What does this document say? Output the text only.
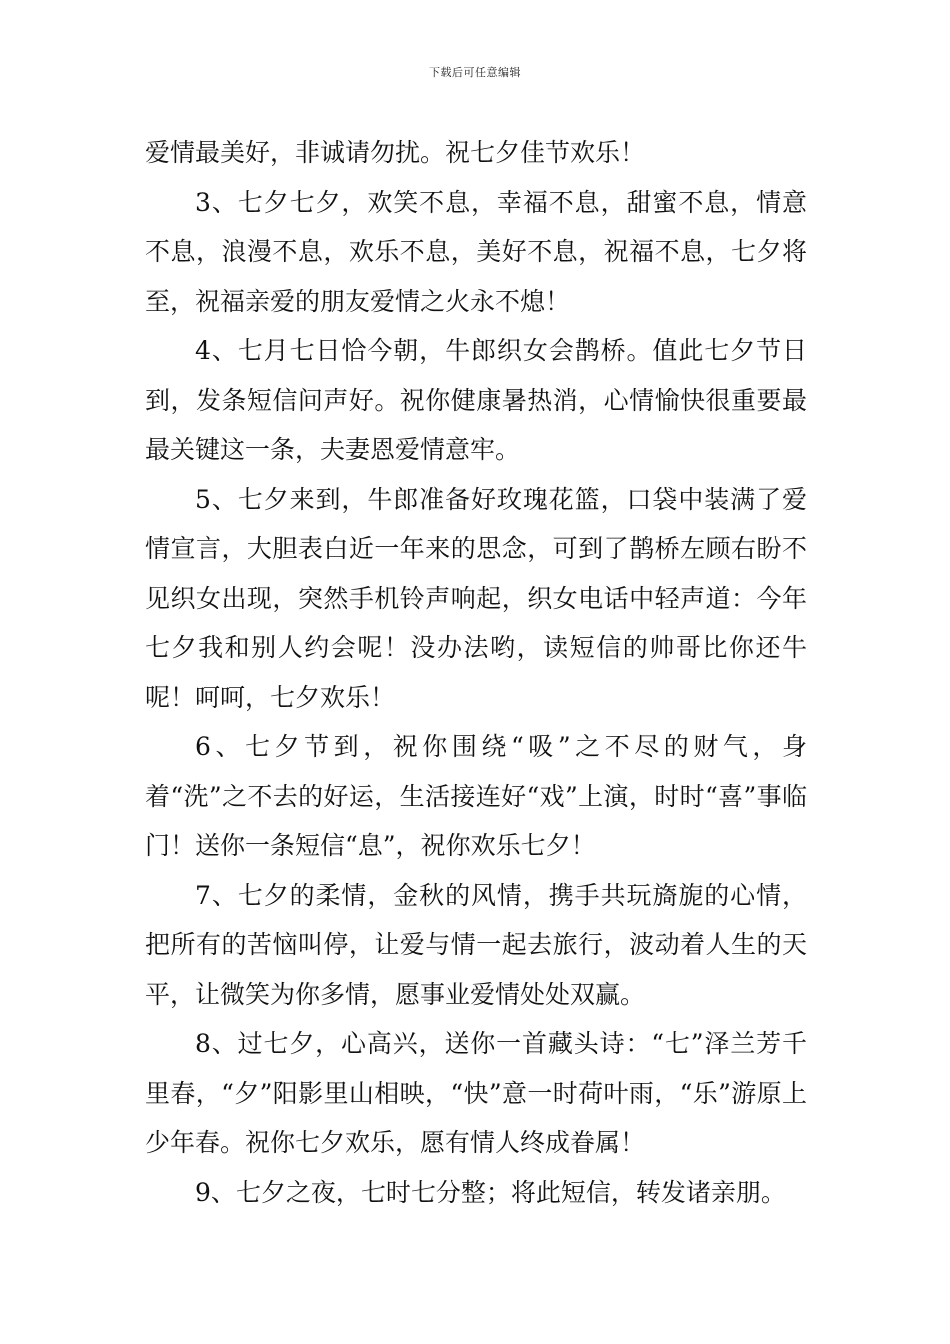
下载后可任意编辑

爱情最美好，非诚请勿扰。祝七夕佳节欢乐！

3、七夕七夕，欢笑不息，幸福不息，甜蜜不息，情意不息，浪漫不息，欢乐不息，美好不息，祝福不息，七夕将至，祝福亲爱的朋友爱情之火永不熄！

4、七月七日恰今朝，牛郎织女会鹊桥。值此七夕节日到，发条短信问声好。祝你健康暑热消，心情愉快很重要最最关键这一条，夫妻恩爱情意牢。

5、七夕来到，牛郎准备好玫瑰花篮，口袋中装满了爱情宣言，大胆表白近一年来的思念，可到了鹊桥左顾右盼不见织女出现，突然手机铃声响起，织女电话中轻声道：今年七夕我和别人约会呢！没办法哟，读短信的帅哥比你还牛呢！呵呵，七夕欢乐！

6、七夕节到，祝你围绕“吸”之不尽的财气，身着“洗”之不去的好运，生活接连好“戏”上演，时时“喜”事临门！送你一条短信“息”，祝你欢乐七夕！

7、七夕的柔情，金秋的风情，携手共玩旖旎的心情，把所有的苦恼叫停，让爱与情一起去旅行，波动着人生的天平，让微笑为你多情，愿事业爱情处处双赢。

8、过七夕，心高兴，送你一首藏头诗：“七”泽兰芳千里春，“夕”阳影里山相映，“快”意一时荷叶雨，“乐”游原上少年春。祝你七夕欢乐，愿有情人终成眷属！

9、七夕之夜，七时七分整；将此短信，转发诸亲朋。
